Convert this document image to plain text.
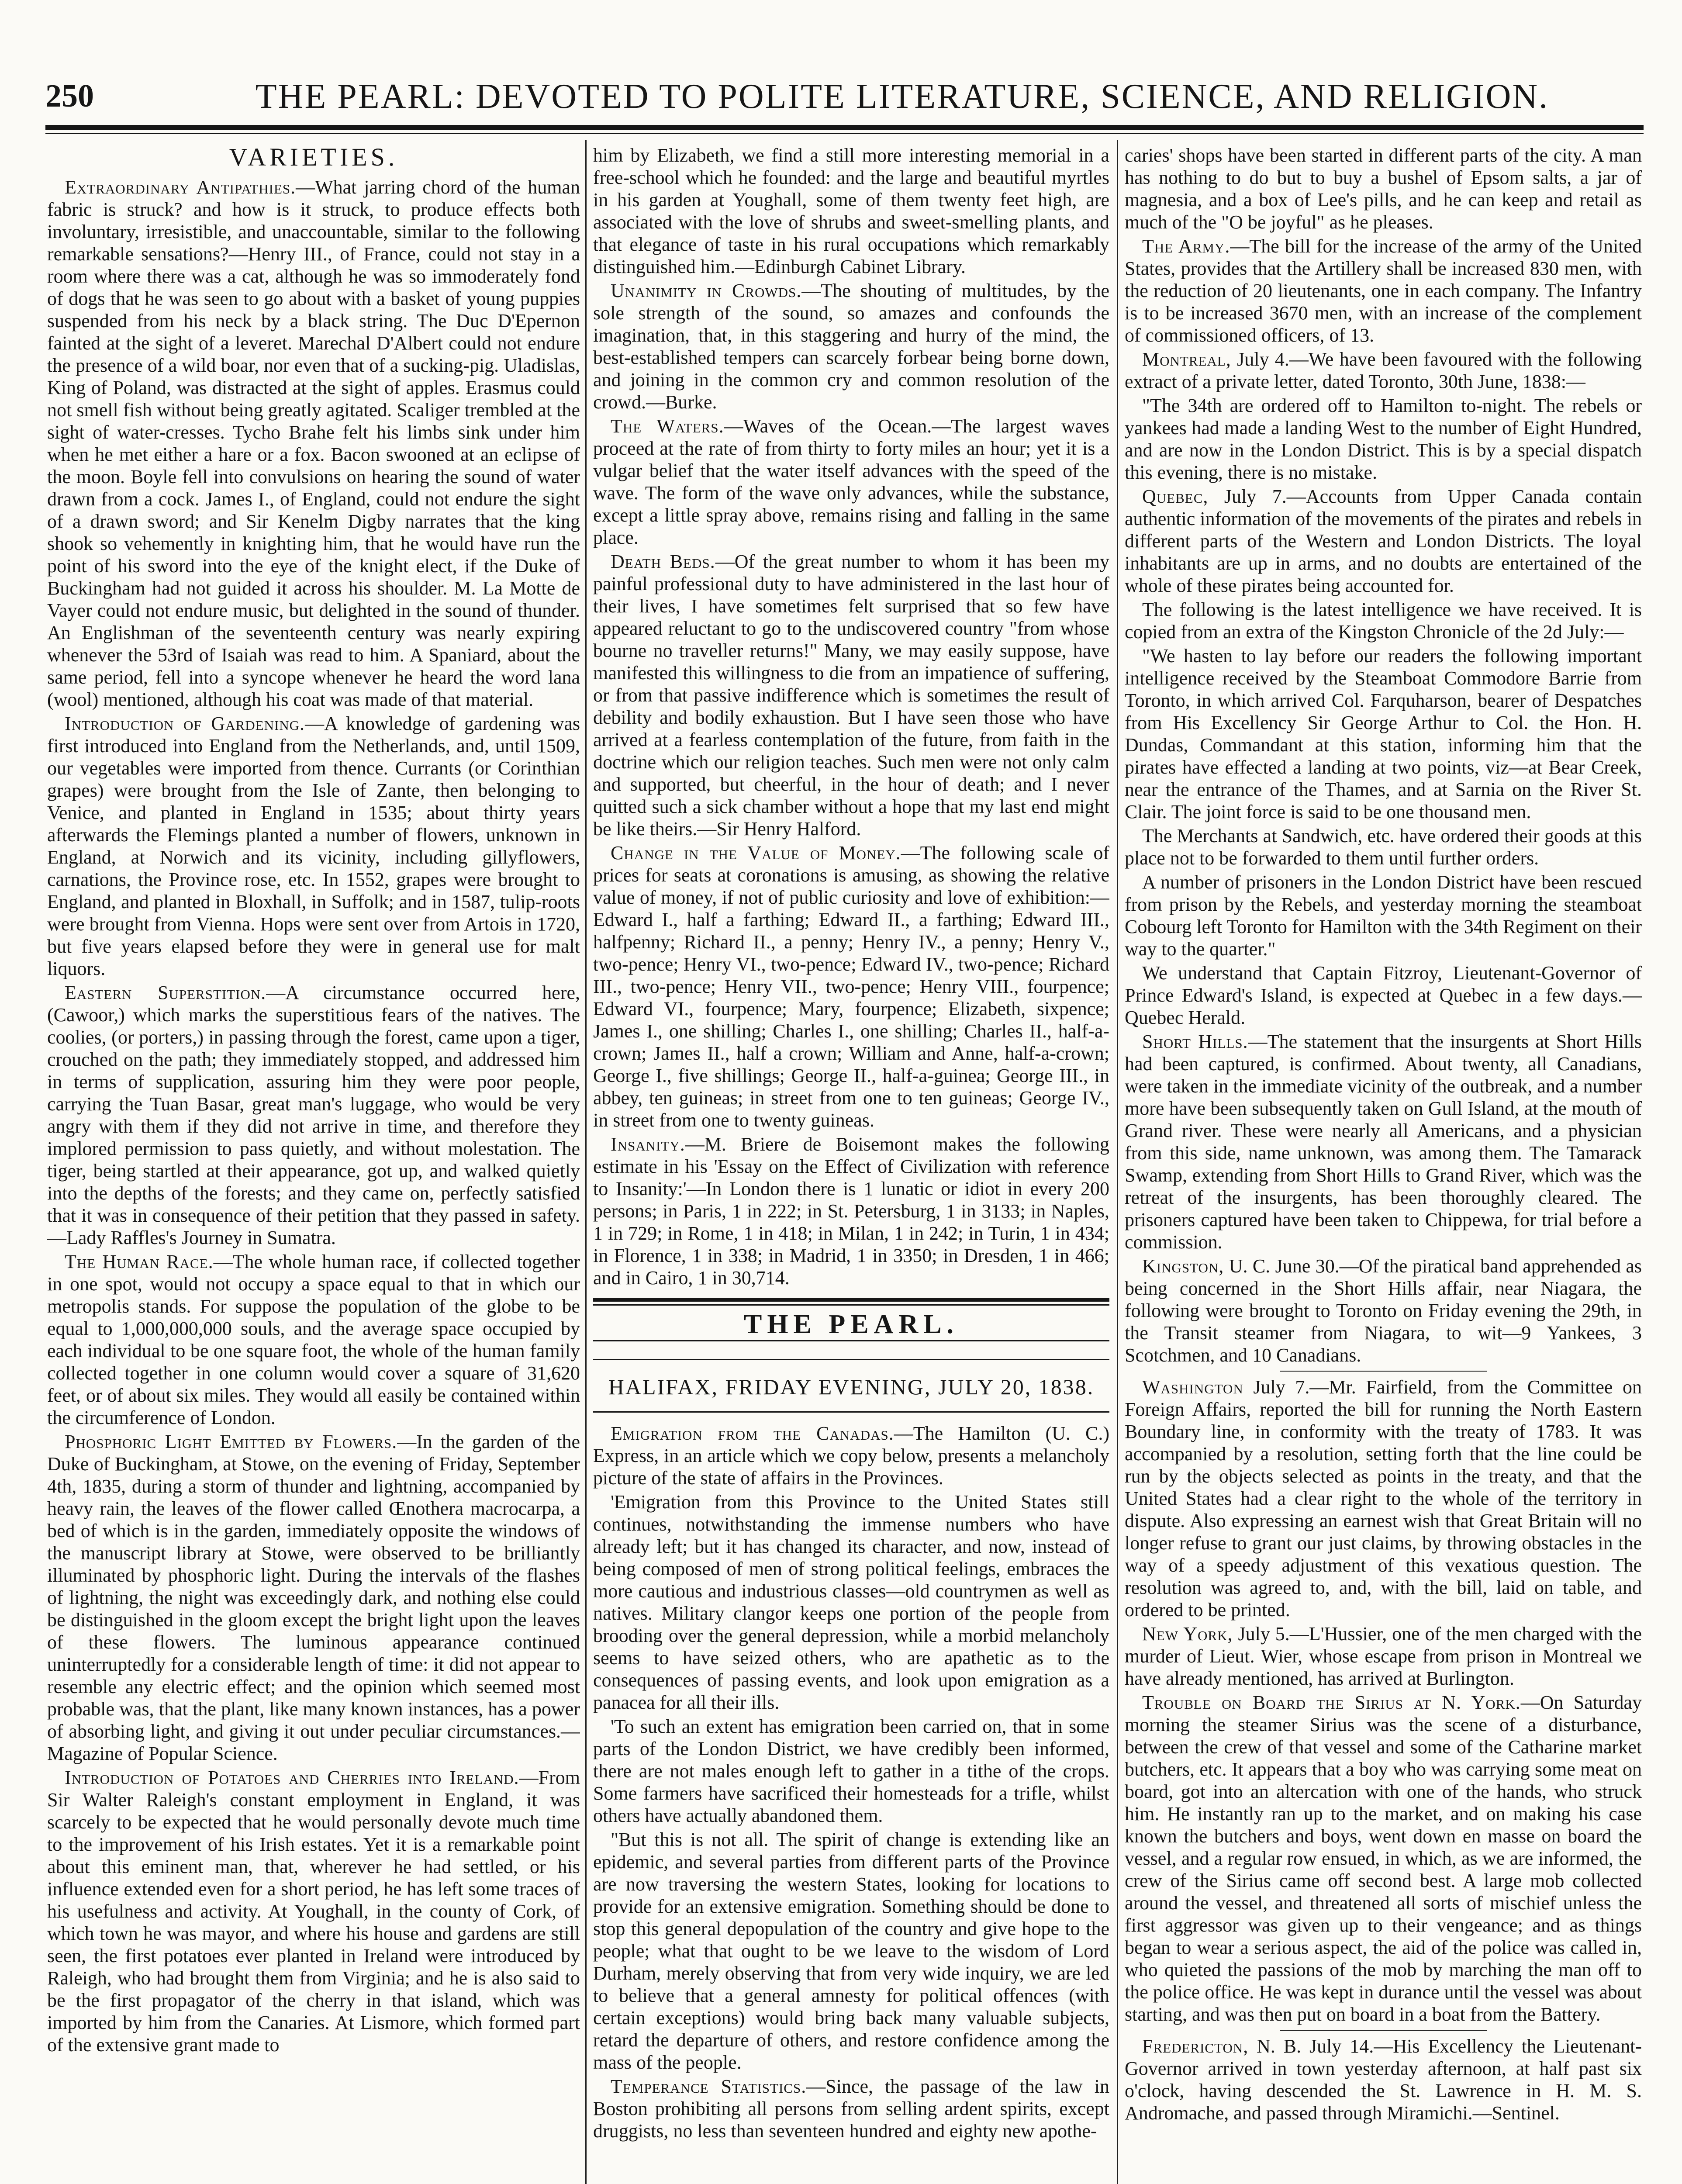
250	THE PEARL: DEVOTED TO POLITE LITERATURE, SCIENCE, AND RELIGION.
VARIETIES.

Extraordinary Antipathies.—What jarring chord of the human fabric is struck? and how is it struck, to produce effects both involuntary, irresistible, and unaccountable, similar to the following remarkable sensations?—Henry III., of France, could not stay in a room where there was a cat, although he was so immoderately fond of dogs that he was seen to go about with a basket of young puppies suspended from his neck by a black string. The Duc D'Epernon fainted at the sight of a leveret. Marechal D'Albert could not endure the presence of a wild boar, nor even that of a sucking-pig. Uladislas, King of Poland, was distracted at the sight of apples. Erasmus could not smell fish without being greatly agitated. Scaliger trembled at the sight of water-cresses. Tycho Brahe felt his limbs sink under him when he met either a hare or a fox. Bacon swooned at an eclipse of the moon. Boyle fell into convulsions on hearing the sound of water drawn from a cock. James I., of England, could not endure the sight of a drawn sword; and Sir Kenelm Digby narrates that the king shook so vehemently in knighting him, that he would have run the point of his sword into the eye of the knight elect, if the Duke of Buckingham had not guided it across his shoulder. M. La Motte de Vayer could not endure music, but delighted in the sound of thunder. An Englishman of the seventeenth century was nearly expiring whenever the 53rd of Isaiah was read to him. A Spaniard, about the same period, fell into a syncope whenever he heard the word lana (wool) mentioned, although his coat was made of that material.

Introduction of Gardening.—A knowledge of gardening was first introduced into England from the Netherlands, and, until 1509, our vegetables were imported from thence. Currants (or Corinthian grapes) were brought from the Isle of Zante, then belonging to Venice, and planted in England in 1535; about thirty years afterwards the Flemings planted a number of flowers, unknown in England, at Norwich and its vicinity, including gillyflowers, carnations, the Province rose, etc. In 1552, grapes were brought to England, and planted in Bloxhall, in Suffolk; and in 1587, tulip-roots were brought from Vienna. Hops were sent over from Artois in 1720, but five years elapsed before they were in general use for malt liquors.

Eastern Superstition.—A circumstance occurred here, (Cawoor,) which marks the superstitious fears of the natives. The coolies, (or porters,) in passing through the forest, came upon a tiger, crouched on the path; they immediately stopped, and addressed him in terms of supplication, assuring him they were poor people, carrying the Tuan Basar, great man's luggage, who would be very angry with them if they did not arrive in time, and therefore they implored permission to pass quietly, and without molestation. The tiger, being startled at their appearance, got up, and walked quietly into the depths of the forests; and they came on, perfectly satisfied that it was in consequence of their petition that they passed in safety.—Lady Raffles's Journey in Sumatra.

The Human Race.—The whole human race, if collected together in one spot, would not occupy a space equal to that in which our metropolis stands. For suppose the population of the globe to be equal to 1,000,000,000 souls, and the average space occupied by each individual to be one square foot, the whole of the human family collected together in one column would cover a square of 31,620 feet, or of about six miles. They would all easily be contained within the circumference of London.

Phosphoric Light Emitted by Flowers.—In the garden of the Duke of Buckingham, at Stowe, on the evening of Friday, September 4th, 1835, during a storm of thunder and lightning, accompanied by heavy rain, the leaves of the flower called Œnothera macrocarpa, a bed of which is in the garden, immediately opposite the windows of the manuscript library at Stowe, were observed to be brilliantly illuminated by phosphoric light. During the intervals of the flashes of lightning, the night was exceedingly dark, and nothing else could be distinguished in the gloom except the bright light upon the leaves of these flowers. The luminous appearance continued uninterruptedly for a considerable length of time: it did not appear to resemble any electric effect; and the opinion which seemed most probable was, that the plant, like many known instances, has a power of absorbing light, and giving it out under peculiar circumstances.—Magazine of Popular Science.

Introduction of Potatoes and Cherries into Ireland.—From Sir Walter Raleigh's constant employment in England, it was scarcely to be expected that he would personally devote much time to the improvement of his Irish estates. Yet it is a remarkable point about this eminent man, that, wherever he had settled, or his influence extended even for a short period, he has left some traces of his usefulness and activity. At Youghall, in the county of Cork, of which town he was mayor, and where his house and gardens are still seen, the first potatoes ever planted in Ireland were introduced by Raleigh, who had brought them from Virginia; and he is also said to be the first propagator of the cherry in that island, which was imported by him from the Canaries. At Lismore, which formed part of the extensive grant made to

him by Elizabeth, we find a still more interesting memorial in a free-school which he founded: and the large and beautiful myrtles in his garden at Youghall, some of them twenty feet high, are associated with the love of shrubs and sweet-smelling plants, and that elegance of taste in his rural occupations which remarkably distinguished him.—Edinburgh Cabinet Library.

Unanimity in Crowds.—The shouting of multitudes, by the sole strength of the sound, so amazes and confounds the imagination, that, in this staggering and hurry of the mind, the best-established tempers can scarcely forbear being borne down, and joining in the common cry and common resolution of the crowd.—Burke.

The Waters.—Waves of the Ocean.—The largest waves proceed at the rate of from thirty to forty miles an hour; yet it is a vulgar belief that the water itself advances with the speed of the wave. The form of the wave only advances, while the substance, except a little spray above, remains rising and falling in the same place.

Death Beds.—Of the great number to whom it has been my painful professional duty to have administered in the last hour of their lives, I have sometimes felt surprised that so few have appeared reluctant to go to the undiscovered country "from whose bourne no traveller returns!" Many, we may easily suppose, have manifested this willingness to die from an impatience of suffering, or from that passive indifference which is sometimes the result of debility and bodily exhaustion. But I have seen those who have arrived at a fearless contemplation of the future, from faith in the doctrine which our religion teaches. Such men were not only calm and supported, but cheerful, in the hour of death; and I never quitted such a sick chamber without a hope that my last end might be like theirs.—Sir Henry Halford.

Change in the Value of Money.—The following scale of prices for seats at coronations is amusing, as showing the relative value of money, if not of public curiosity and love of exhibition:—Edward I., half a farthing; Edward II., a farthing; Edward III., halfpenny; Richard II., a penny; Henry IV., a penny; Henry V., two-pence; Henry VI., two-pence; Edward IV., two-pence; Richard III., two-pence; Henry VII., two-pence; Henry VIII., fourpence; Edward VI., fourpence; Mary, fourpence; Elizabeth, sixpence; James I., one shilling; Charles I., one shilling; Charles II., half-a-crown; James II., half a crown; William and Anne, half-a-crown; George I., five shillings; George II., half-a-guinea; George III., in abbey, ten guineas; in street from one to ten guineas; George IV., in street from one to twenty guineas.

Insanity.—M. Briere de Boisemont makes the following estimate in his 'Essay on the Effect of Civilization with reference to Insanity:'—In London there is 1 lunatic or idiot in every 200 persons; in Paris, 1 in 222; in St. Petersburg, 1 in 3133; in Naples, 1 in 729; in Rome, 1 in 418; in Milan, 1 in 242; in Turin, 1 in 434; in Florence, 1 in 338; in Madrid, 1 in 3350; in Dresden, 1 in 466; and in Cairo, 1 in 30,714.

THE PEARL.
HALIFAX, FRIDAY EVENING, JULY 20, 1838.

Emigration from the Canadas.—The Hamilton (U. C.) Express, in an article which we copy below, presents a melancholy picture of the state of affairs in the Provinces.

'Emigration from this Province to the United States still continues, notwithstanding the immense numbers who have already left; but it has changed its character, and now, instead of being composed of men of strong political feelings, embraces the more cautious and industrious classes—old countrymen as well as natives. Military clangor keeps one portion of the people from brooding over the general depression, while a morbid melancholy seems to have seized others, who are apathetic as to the consequences of passing events, and look upon emigration as a panacea for all their ills.

'To such an extent has emigration been carried on, that in some parts of the London District, we have credibly been informed, there are not males enough left to gather in a tithe of the crops. Some farmers have sacrificed their homesteads for a trifle, whilst others have actually abandoned them.

"But this is not all. The spirit of change is extending like an epidemic, and several parties from different parts of the Province are now traversing the western States, looking for locations to provide for an extensive emigration. Something should be done to stop this general depopulation of the country and give hope to the people; what that ought to be we leave to the wisdom of Lord Durham, merely observing that from very wide inquiry, we are led to believe that a general amnesty for political offences (with certain exceptions) would bring back many valuable subjects, retard the departure of others, and restore confidence among the mass of the people.

Temperance Statistics.—Since, the passage of the law in Boston prohibiting all persons from selling ardent spirits, except druggists, no less than seventeen hundred and eighty new apothe-

caries' shops have been started in different parts of the city. A man has nothing to do but to buy a bushel of Epsom salts, a jar of magnesia, and a box of Lee's pills, and he can keep and retail as much of the "O be joyful" as he pleases.

The Army.—The bill for the increase of the army of the United States, provides that the Artillery shall be increased 830 men, with the reduction of 20 lieutenants, one in each company. The Infantry is to be increased 3670 men, with an increase of the complement of commissioned officers, of 13.

Montreal, July 4.—We have been favoured with the following extract of a private letter, dated Toronto, 30th June, 1838:—

"The 34th are ordered off to Hamilton to-night. The rebels or yankees had made a landing West to the number of Eight Hundred, and are now in the London District. This is by a special dispatch this evening, there is no mistake.

Quebec, July 7.—Accounts from Upper Canada contain authentic information of the movements of the pirates and rebels in different parts of the Western and London Districts. The loyal inhabitants are up in arms, and no doubts are entertained of the whole of these pirates being accounted for.

The following is the latest intelligence we have received. It is copied from an extra of the Kingston Chronicle of the 2d July:—

"We hasten to lay before our readers the following important intelligence received by the Steamboat Commodore Barrie from Toronto, in which arrived Col. Farquharson, bearer of Despatches from His Excellency Sir George Arthur to Col. the Hon. H. Dundas, Commandant at this station, informing him that the pirates have effected a landing at two points, viz—at Bear Creek, near the entrance of the Thames, and at Sarnia on the River St. Clair. The joint force is said to be one thousand men.

The Merchants at Sandwich, etc. have ordered their goods at this place not to be forwarded to them until further orders.

A number of prisoners in the London District have been rescued from prison by the Rebels, and yesterday morning the steamboat Cobourg left Toronto for Hamilton with the 34th Regiment on their way to the quarter."

We understand that Captain Fitzroy, Lieutenant-Governor of Prince Edward's Island, is expected at Quebec in a few days.—Quebec Herald.

Short Hills.—The statement that the insurgents at Short Hills had been captured, is confirmed. About twenty, all Canadians, were taken in the immediate vicinity of the outbreak, and a number more have been subsequently taken on Gull Island, at the mouth of Grand river. These were nearly all Americans, and a physician from this side, name unknown, was among them. The Tamarack Swamp, extending from Short Hills to Grand River, which was the retreat of the insurgents, has been thoroughly cleared. The prisoners captured have been taken to Chippewa, for trial before a commission.

Kingston, U. C. June 30.—Of the piratical band apprehended as being concerned in the Short Hills affair, near Niagara, the following were brought to Toronto on Friday evening the 29th, in the Transit steamer from Niagara, to wit—9 Yankees, 3 Scotchmen, and 10 Canadians.

Washington July 7.—Mr. Fairfield, from the Committee on Foreign Affairs, reported the bill for running the North Eastern Boundary line, in conformity with the treaty of 1783. It was accompanied by a resolution, setting forth that the line could be run by the objects selected as points in the treaty, and that the United States had a clear right to the whole of the territory in dispute. Also expressing an earnest wish that Great Britain will no longer refuse to grant our just claims, by throwing obstacles in the way of a speedy adjustment of this vexatious question. The resolution was agreed to, and, with the bill, laid on table, and ordered to be printed.

New York, July 5.—L'Hussier, one of the men charged with the murder of Lieut. Wier, whose escape from prison in Montreal we have already mentioned, has arrived at Burlington.

Trouble on Board the Sirius at N. York.—On Saturday morning the steamer Sirius was the scene of a disturbance, between the crew of that vessel and some of the Catharine market butchers, etc. It appears that a boy who was carrying some meat on board, got into an altercation with one of the hands, who struck him. He instantly ran up to the market, and on making his case known the butchers and boys, went down en masse on board the vessel, and a regular row ensued, in which, as we are informed, the crew of the Sirius came off second best. A large mob collected around the vessel, and threatened all sorts of mischief unless the first aggressor was given up to their vengeance; and as things began to wear a serious aspect, the aid of the police was called in, who quieted the passions of the mob by marching the man off to the police office. He was kept in durance until the vessel was about starting, and was then put on board in a boat from the Battery.

Fredericton, N. B. July 14.—His Excellency the Lieutenant-Governor arrived in town yesterday afternoon, at half past six o'clock, having descended the St. Lawrence in H. M. S. Andromache, and passed through Miramichi.—Sentinel.
